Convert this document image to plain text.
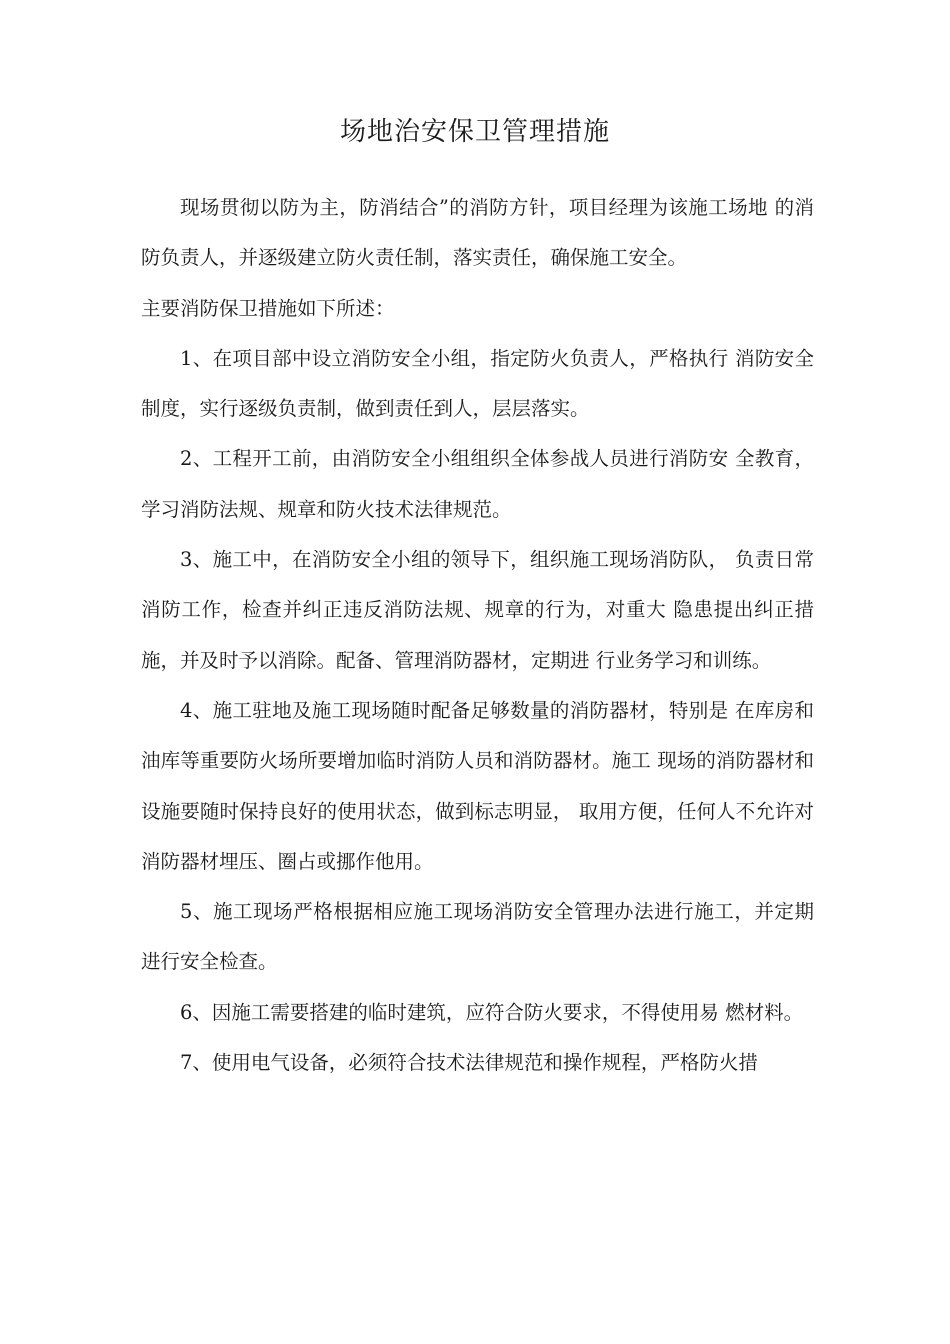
场地治安保卫管理措施

现场贯彻以防为主，防消结合”的消防方针，项目经理为该施工场地 的消防负责人，并逐级建立防火责任制，落实责任，确保施工安全。

主要消防保卫措施如下所述：

1、在项目部中设立消防安全小组，指定防火负责人，严格执行 消防安全制度，实行逐级负责制，做到责任到人，层层落实。

2、工程开工前，由消防安全小组组织全体参战人员进行消防安 全教育，学习消防法规、规章和防火技术法律规范。

3、施工中，在消防安全小组的领导下，组织施工现场消防队， 负责日常消防工作，检查并纠正违反消防法规、规章的行为，对重大 隐患提出纠正措施，并及时予以消除。配备、管理消防器材，定期进 行业务学习和训练。

4、施工驻地及施工现场随时配备足够数量的消防器材，特别是 在库房和油库等重要防火场所要增加临时消防人员和消防器材。施工 现场的消防器材和设施要随时保持良好的使用状态，做到标志明显， 取用方便，任何人不允许对消防器材埋压、圈占或挪作他用。

5、施工现场严格根据相应施工现场消防安全管理办法进行施工，并定期进行安全检查。

6、因施工需要搭建的临时建筑，应符合防火要求，不得使用易 燃材料。

7、使用电气设备，必须符合技术法律规范和操作规程，严格防火措
